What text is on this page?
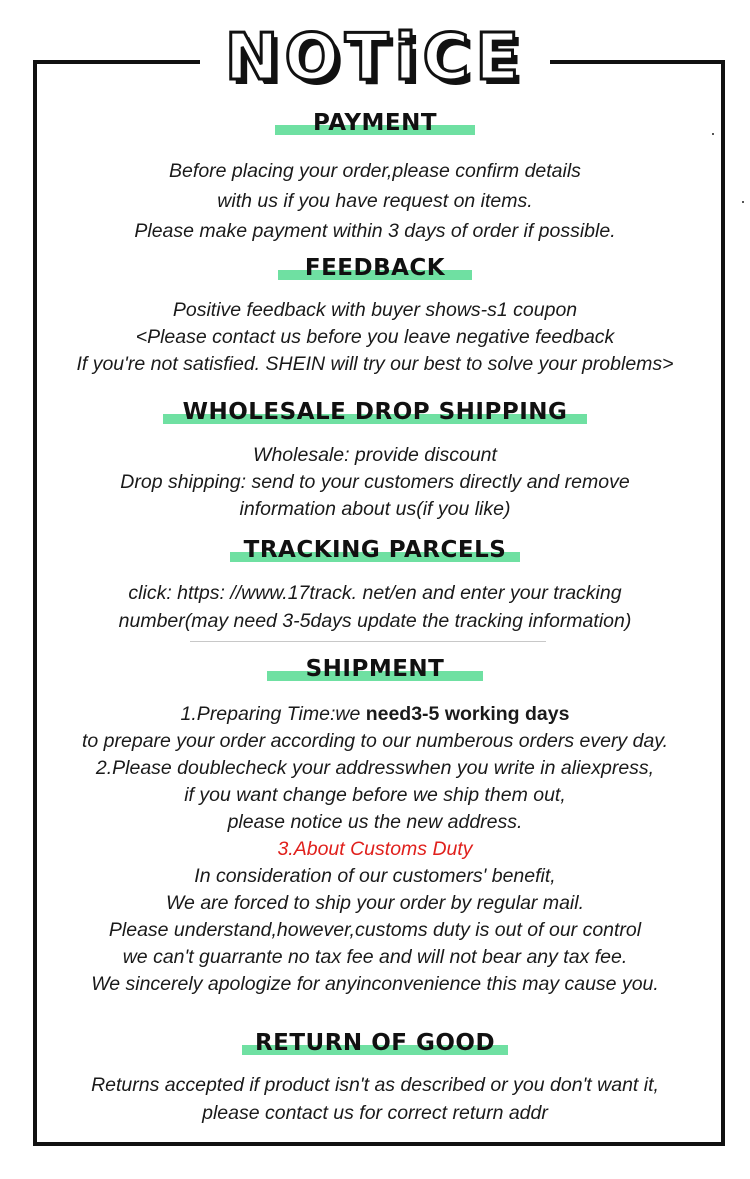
NOTiCE
PAYMENT
Before placing your order,please confirm details
with us if you have request on items.
Please make payment within 3 days of order if possible.
FEEDBACK
Positive feedback with buyer shows-s1 coupon
<Please contact us before you leave negative feedback
If you're not satisfied. SHEIN will try our best to solve your problems>
WHOLESALE DROP SHIPPING
Wholesale: provide discount
Drop shipping: send to your customers directly and remove
information about us(if you like)
TRACKING PARCELS
click: https: //www.17track. net/en and enter your tracking
number(may need 3-5days update the tracking information)
SHIPMENT
1.Preparing Time:we need3-5 working days
to prepare your order according to our numberous orders every day.
2.Please doublecheck your addresswhen you write in aliexpress,
if you want change before we ship them out,
please notice us the new address.
3.About Customs Duty
In consideration of our customers' benefit,
We are forced to ship your order by regular mail.
Please understand,however,customs duty is out of our control
we can't guarrante no tax fee and will not bear any tax fee.
We sincerely apologize for anyinconvenience this may cause you.
RETURN OF GOOD
Returns accepted if product isn't as described or you don't want it,
please contact us for correct return addr
